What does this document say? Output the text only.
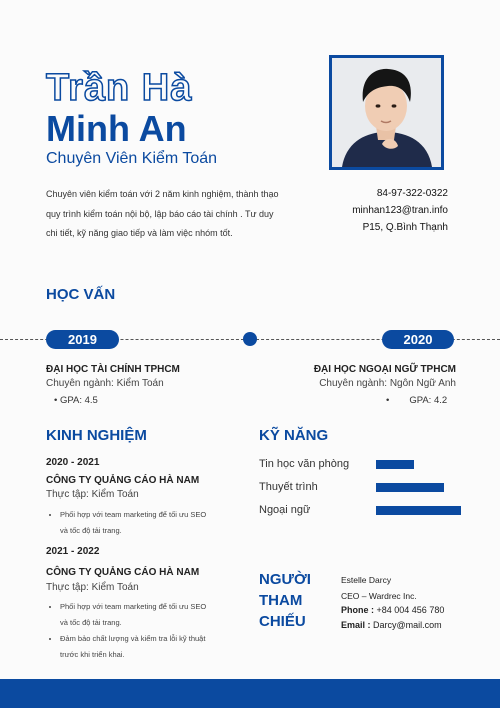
Trần Hà
Minh An
Chuyên Viên Kiểm Toán
Chuyên viên kiểm toán với 2 năm kinh nghiệm, thành thạo quy trình kiểm toán nội bộ, lập báo cáo tài chính . Tư duy chi tiết, kỹ năng giao tiếp và làm việc nhóm tốt.
84-97-322-0322
minhan123@tran.info
P15, Q.Bình Thạnh
HỌC VẤN
2019	2020
ĐẠI HỌC TÀI CHÍNH TPHCM
Chuyên ngành: Kiểm Toán
• GPA: 4.5
ĐẠI HỌC NGOẠI NGỮ TPHCM
Chuyên ngành: Ngôn Ngữ Anh
• GPA: 4.2
KINH NGHIỆM
2020 - 2021
CÔNG TY QUẢNG CÁO HÀ NAM
Thực tập: Kiểm Toán
• Phối hợp với team marketing để tối ưu SEO và tốc độ tải trang.
2021 - 2022
CÔNG TY QUẢNG CÁO HÀ NAM
Thực tập: Kiểm Toán
• Phối hợp với team marketing để tối ưu SEO và tốc độ tải trang.
• Đảm bảo chất lượng và kiểm tra lỗi kỹ thuật trước khi triển khai.
KỸ NĂNG
Tin học văn phòng
Thuyết trình
Ngoại ngữ
NGƯỜI
THAM
CHIẾU
Estelle Darcy
CEO – Wardrec Inc.
Phone : +84 004 456 780
Email : Darcy@mail.com
